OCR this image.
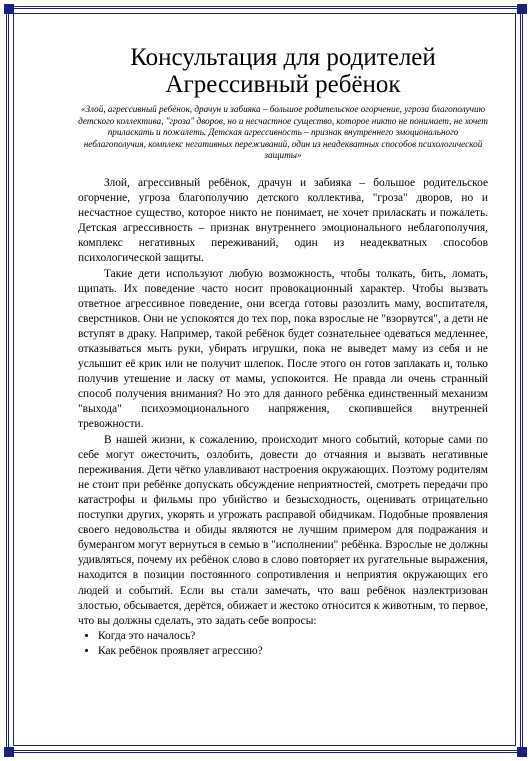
Консультация для родителей
Агрессивный ребёнок
«Злой, агрессивный ребёнок, драчун и забияка – большое родительское огорчение, угроза благополучию детского коллектива, "гроза" дворов, но и несчастное существо, которое никто не понимает, не хочет приласкать и пожалеть. Детская агрессивность – признак внутреннего эмоционального неблагополучия, комплекс негативных переживаний, один из неадекватных способов психологической защиты»

Злой, агрессивный ребёнок, драчун и забияка – большое родительское огорчение, угроза благополучию детского коллектива, "гроза" дворов, но и несчастное существо, которое никто не понимает, не хочет приласкать и пожалеть. Детская агрессивность – признак внутреннего эмоционального неблагополучия, комплекс негативных переживаний, один из неадекватных способов психологической защиты.

Такие дети используют любую возможность, чтобы толкать, бить, ломать, щипать. Их поведение часто носит провокационный характер. Чтобы вызвать ответное агрессивное поведение, они всегда готовы разозлить маму, воспитателя, сверстников. Они не успокоятся до тех пор, пока взрослые не "взорвутся", а дети не вступят в драку. Например, такой ребёнок будет сознательнее одеваться медленнее, отказываться мыть руки, убирать игрушки, пока не выведет маму из себя и не услышит её крик или не получит шлепок. После этого он готов заплакать и, только получив утешение и ласку от мамы, успокоится. Не правда ли очень странный способ получения внимания? Но это для данного ребёнка единственный механизм "выхода" психоэмоционального напряжения, скопившейся внутренней тревожности.

В нашей жизни, к сожалению, происходит много событий, которые сами по себе могут ожесточить, озлобить, довести до отчаяния и вызвать негативные переживания. Дети чётко улавливают настроения окружающих. Поэтому родителям не стоит при ребёнке допускать обсуждение неприятностей, смотреть передачи про катастрофы и фильмы про убийство и безысходность, оценивать отрицательно поступки других, укорять и угрожать расправой обидчикам. Подобные проявления своего недовольства и обиды являются не лучшим примером для подражания и бумерангом могут вернуться в семью в "исполнении" ребёнка. Взрослые не должны удивляться, почему их ребёнок слово в слово повторяет их ругательные выражения, находится в позиции постоянного сопротивления и неприятия окружающих его людей и событий. Если вы стали замечать, что ваш ребёнок наэлектризован злостью, обсывается, дерётся, обижает и жестоко относится к животным, то первое, что вы должны сделать, это задать себе вопросы:

• Когда это началось?
• Как ребёнок проявляет агрессию?
